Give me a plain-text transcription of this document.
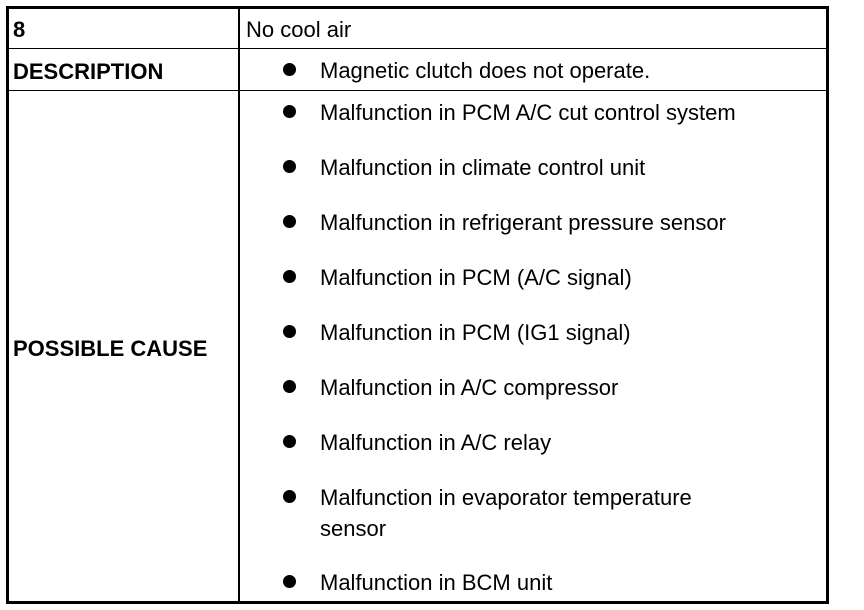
8	No cool air
DESCRIPTION	Magnetic clutch does not operate.
POSSIBLE CAUSE
Malfunction in PCM A/C cut control system
Malfunction in climate control unit
Malfunction in refrigerant pressure sensor
Malfunction in PCM (A/C signal)
Malfunction in PCM (IG1 signal)
Malfunction in A/C compressor
Malfunction in A/C relay
Malfunction in evaporator temperature
sensor
Malfunction in BCM unit
